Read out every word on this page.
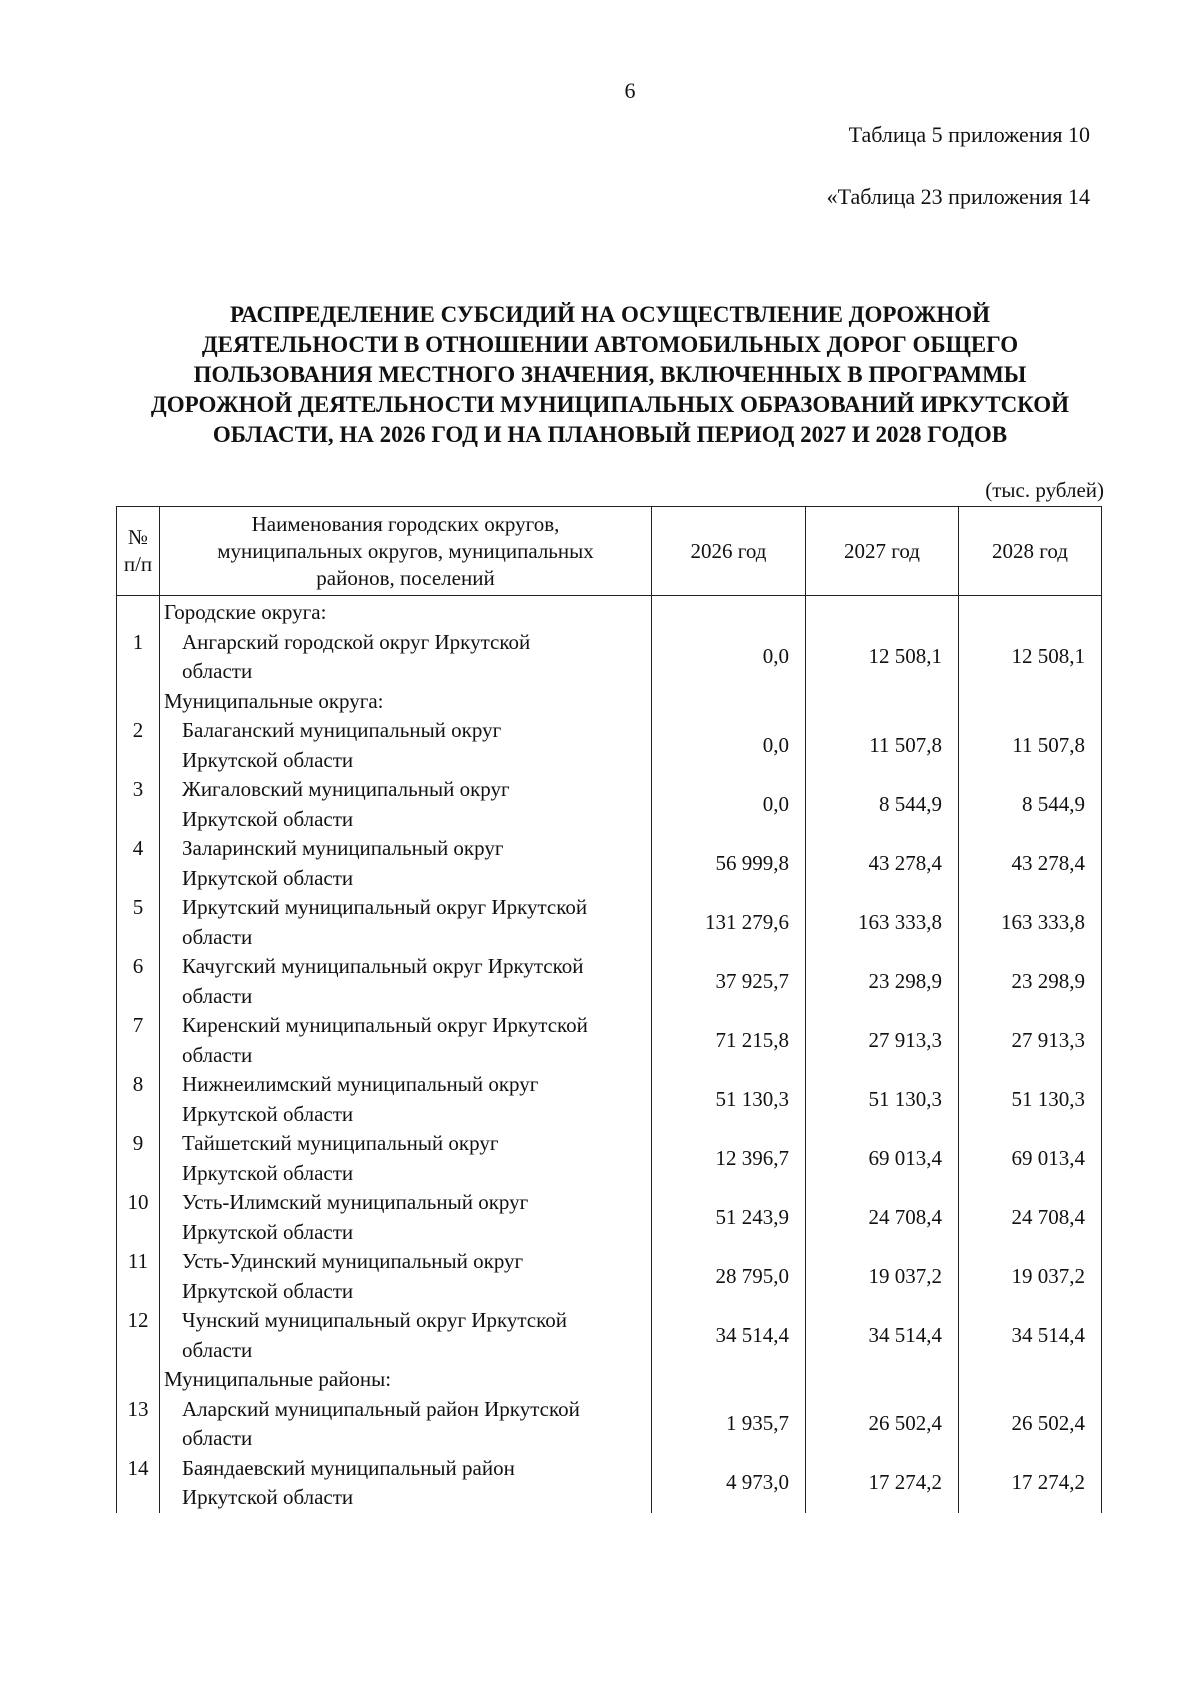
6
Таблица 5 приложения 10
«Таблица 23 приложения 14
РАСПРЕДЕЛЕНИЕ СУБСИДИЙ НА ОСУЩЕСТВЛЕНИЕ ДОРОЖНОЙ
ДЕЯТЕЛЬНОСТИ В ОТНОШЕНИИ АВТОМОБИЛЬНЫХ ДОРОГ ОБЩЕГО
ПОЛЬЗОВАНИЯ МЕСТНОГО ЗНАЧЕНИЯ, ВКЛЮЧЕННЫХ В ПРОГРАММЫ
ДОРОЖНОЙ ДЕЯТЕЛЬНОСТИ МУНИЦИПАЛЬНЫХ ОБРАЗОВАНИЙ ИРКУТСКОЙ
ОБЛАСТИ, НА 2026 ГОД И НА ПЛАНОВЫЙ ПЕРИОД 2027 И 2028 ГОДОВ
(тыс. рублей)
№
п/п	Наименования городских округов,
муниципальных округов, муниципальных
районов, поселений	2026 год	2027 год	2028 год
	Городские округа:			
1	Ангарский городской округ Иркутской
области	0,0	12 508,1	12 508,1
	Муниципальные округа:			
2	Балаганский муниципальный округ
Иркутской области	0,0	11 507,8	11 507,8
3	Жигаловский муниципальный округ
Иркутской области	0,0	8 544,9	8 544,9
4	Заларинский муниципальный округ
Иркутской области	56 999,8	43 278,4	43 278,4
5	Иркутский муниципальный округ Иркутской
области	131 279,6	163 333,8	163 333,8
6	Качугский муниципальный округ Иркутской
области	37 925,7	23 298,9	23 298,9
7	Киренский муниципальный округ Иркутской
области	71 215,8	27 913,3	27 913,3
8	Нижнеилимский муниципальный округ
Иркутской области	51 130,3	51 130,3	51 130,3
9	Тайшетский муниципальный округ
Иркутской области	12 396,7	69 013,4	69 013,4
10	Усть-Илимский муниципальный округ
Иркутской области	51 243,9	24 708,4	24 708,4
11	Усть-Удинский муниципальный округ
Иркутской области	28 795,0	19 037,2	19 037,2
12	Чунский муниципальный округ Иркутской
области	34 514,4	34 514,4	34 514,4
	Муниципальные районы:			
13	Аларский муниципальный район Иркутской
области	1 935,7	26 502,4	26 502,4
14	Баяндаевский муниципальный район
Иркутской области	4 973,0	17 274,2	17 274,2
